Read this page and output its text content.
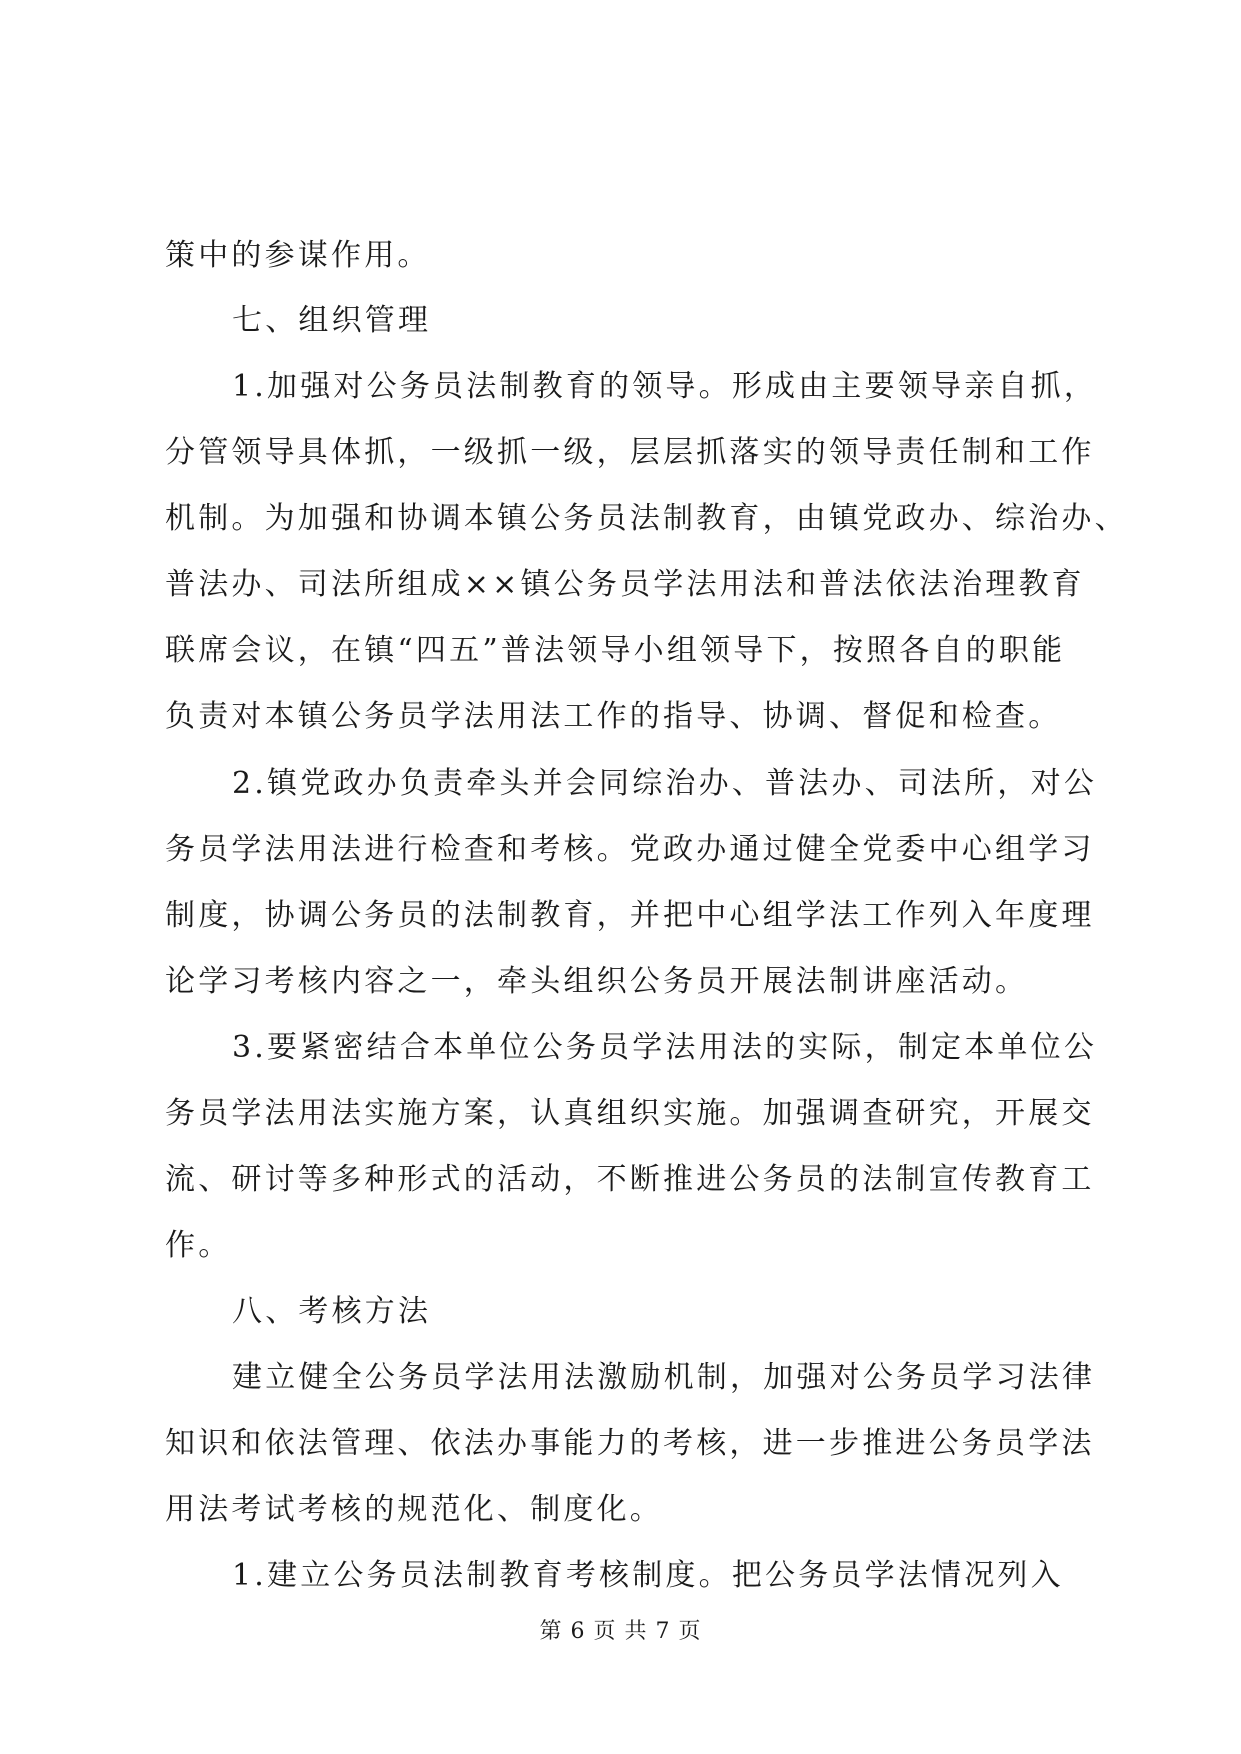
策中的参谋作用。
七、组织管理
1.加强对公务员法制教育的领导。形成由主要领导亲自抓，
分管领导具体抓，一级抓一级，层层抓落实的领导责任制和工作
机制。为加强和协调本镇公务员法制教育，由镇党政办、综治办、
普法办、司法所组成××镇公务员学法用法和普法依法治理教育
联席会议，在镇“四五”普法领导小组领导下，按照各自的职能
负责对本镇公务员学法用法工作的指导、协调、督促和检查。
2.镇党政办负责牵头并会同综治办、普法办、司法所，对公
务员学法用法进行检查和考核。党政办通过健全党委中心组学习
制度，协调公务员的法制教育，并把中心组学法工作列入年度理
论学习考核内容之一，牵头组织公务员开展法制讲座活动。
3.要紧密结合本单位公务员学法用法的实际，制定本单位公
务员学法用法实施方案，认真组织实施。加强调查研究，开展交
流、研讨等多种形式的活动，不断推进公务员的法制宣传教育工
作。
八、考核方法
建立健全公务员学法用法激励机制，加强对公务员学习法律
知识和依法管理、依法办事能力的考核，进一步推进公务员学法
用法考试考核的规范化、制度化。
1.建立公务员法制教育考核制度。把公务员学法情况列入
第 6 页 共 7 页
